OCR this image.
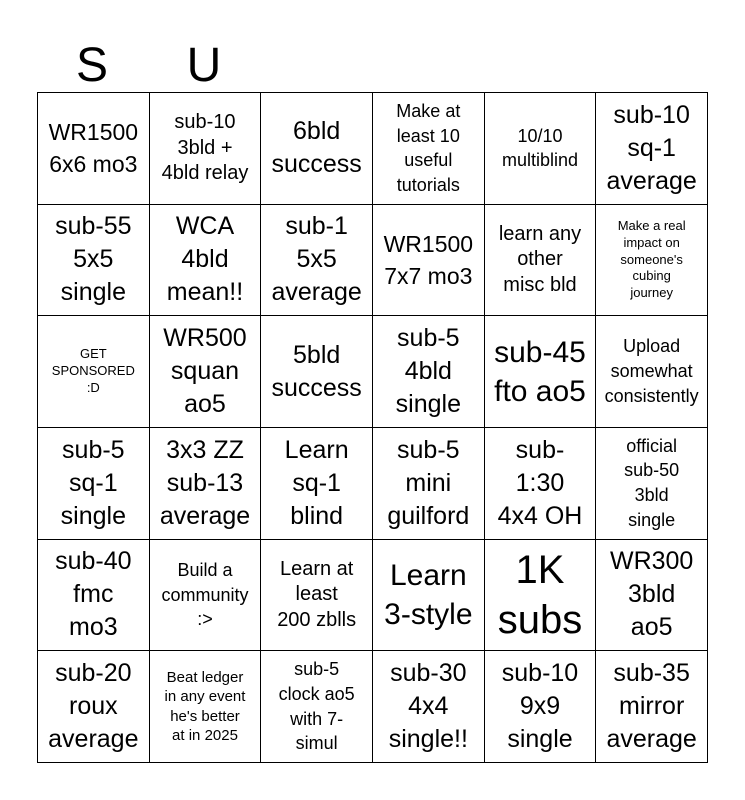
S U
WR1500
6x6 mo3
sub-10
3bld +
4bld relay
6bld
success
Make at
least 10
useful
tutorials
10/10
multiblind
sub-10
sq-1
average
sub-55
5x5
single
WCA
4bld
mean!!
sub-1
5x5
average
WR1500
7x7 mo3
learn any
other
misc bld
Make a real
impact on
someone's
cubing
journey
GET
SPONSORED
:D
WR500
squan
ao5
5bld
success
sub-5
4bld
single
sub-45
fto ao5
Upload
somewhat
consistently
sub-5
sq-1
single
3x3 ZZ
sub-13
average
Learn
sq-1
blind
sub-5
mini
guilford
sub-
1:30
4x4 OH
official
sub-50
3bld
single
sub-40
fmc
mo3
Build a
community
:>
Learn at
least
200 zblls
Learn
3-style
1K
subs
WR300
3bld
ao5
sub-20
roux
average
Beat ledger
in any event
he's better
at in 2025
sub-5
clock ao5
with 7-
simul
sub-30
4x4
single!!
sub-10
9x9
single
sub-35
mirror
average
